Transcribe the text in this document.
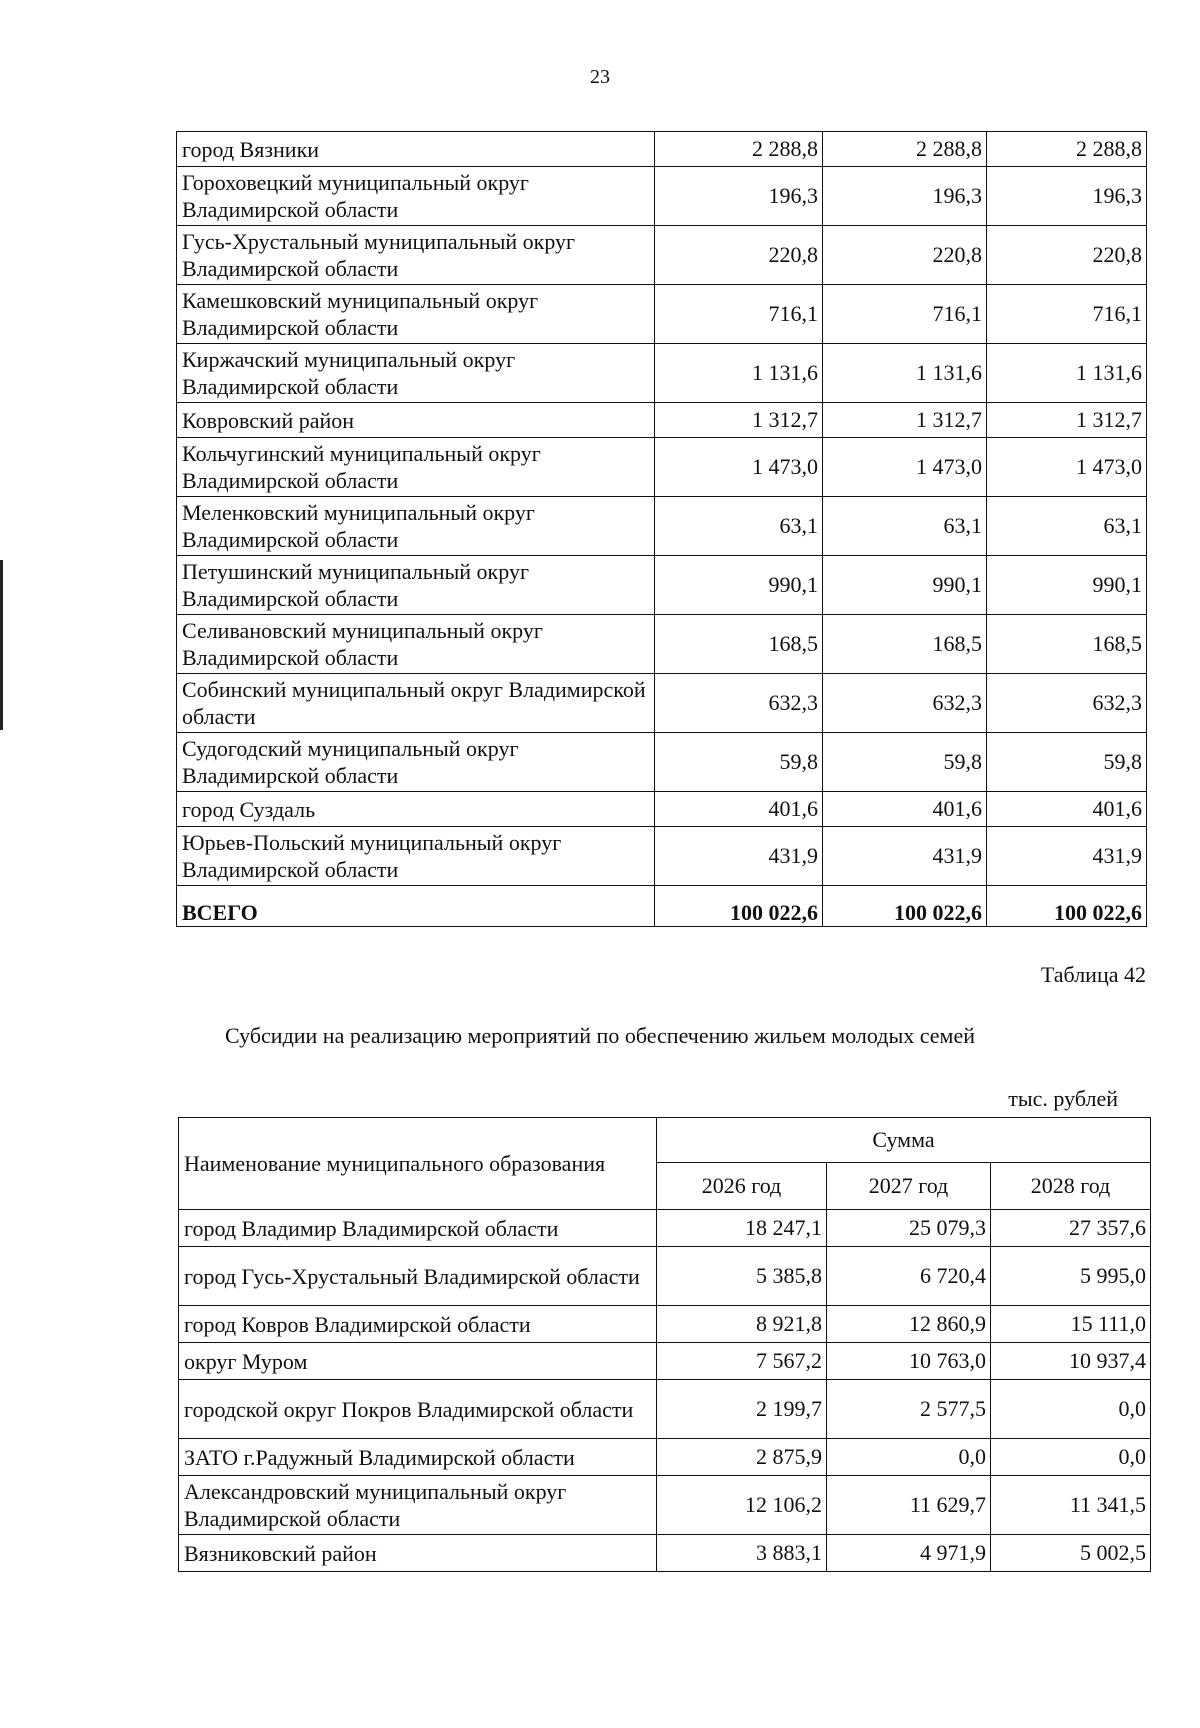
23
город Вязники	2 288,8	2 288,8	2 288,8
Гороховецкий муниципальный округ Владимирской области	196,3	196,3	196,3
Гусь-Хрустальный муниципальный округ Владимирской области	220,8	220,8	220,8
Камешковский муниципальный округ Владимирской области	716,1	716,1	716,1
Киржачский муниципальный округ Владимирской области	1 131,6	1 131,6	1 131,6
Ковровский район	1 312,7	1 312,7	1 312,7
Кольчугинский муниципальный округ Владимирской области	1 473,0	1 473,0	1 473,0
Меленковский муниципальный округ Владимирской области	63,1	63,1	63,1
Петушинский муниципальный округ Владимирской области	990,1	990,1	990,1
Селивановский муниципальный округ Владимирской области	168,5	168,5	168,5
Собинский муниципальный округ Владимирской области	632,3	632,3	632,3
Судогодский муниципальный округ Владимирской области	59,8	59,8	59,8
город Суздаль	401,6	401,6	401,6
Юрьев-Польский муниципальный округ Владимирской области	431,9	431,9	431,9
ВСЕГО	100 022,6	100 022,6	100 022,6
Таблица 42
Субсидии на реализацию мероприятий по обеспечению жильем молодых семей
тыс. рублей
Наименование муниципального образования	Сумма		
	2026 год	2027 год	2028 год
город Владимир Владимирской области	18 247,1	25 079,3	27 357,6
город Гусь-Хрустальный Владимирской области	5 385,8	6 720,4	5 995,0
город Ковров Владимирской области	8 921,8	12 860,9	15 111,0
округ Муром	7 567,2	10 763,0	10 937,4
городской округ Покров Владимирской области	2 199,7	2 577,5	0,0
ЗАТО г.Радужный Владимирской области	2 875,9	0,0	0,0
Александровский муниципальный округ Владимирской области	12 106,2	11 629,7	11 341,5
Вязниковский район	3 883,1	4 971,9	5 002,5
